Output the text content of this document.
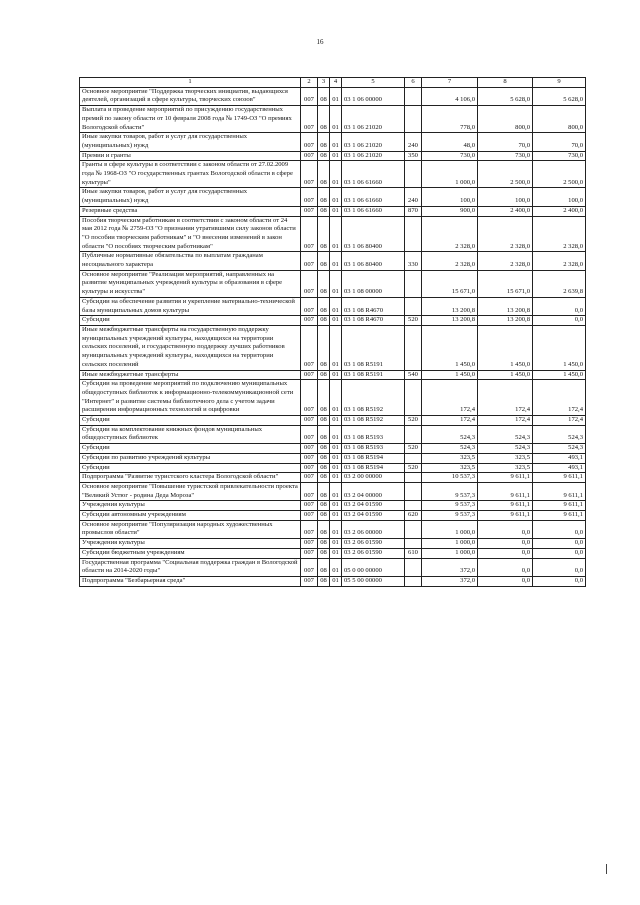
16
1	2	3	4	5	6	7	8	9
Основное мероприятие "Поддержка творческих инициатив, выдающихся деятелей, организаций в сфере культуры, творческих союзов"	007	08	01	03 1 06 00000		4 106,0	5 628,0	5 628,0
Выплата и проведение мероприятий по присуждению государственных премий по закону области от 10 февраля 2008 года № 1749-ОЗ "О премиях Вологодской области"	007	08	01	03 1 06 21020		778,0	800,0	800,0
Иные закупки товаров, работ и услуг для государственных (муниципальных) нужд	007	08	01	03 1 06 21020	240	48,0	70,0	70,0
Премии и гранты	007	08	01	03 1 06 21020	350	730,0	730,0	730,0
Гранты в сфере культуры в соответствии с законом области от 27.02.2009 года № 1968-ОЗ "О государственных грантах Вологодской области в сфере культуры"	007	08	01	03 1 06 61660		1 000,0	2 500,0	2 500,0
Иные закупки товаров, работ и услуг для государственных (муниципальных) нужд	007	08	01	03 1 06 61660	240	100,0	100,0	100,0
Резервные средства	007	08	01	03 1 06 61660	870	900,0	2 400,0	2 400,0
Пособия творческим работникам в соответствии с законом области от 24 мая 2012 года № 2759-ОЗ "О признании утратившими силу законов области "О пособии творческим работникам" и "О внесении изменений в закон области "О пособиях творческим работникам"	007	08	01	03 1 06 80400		2 328,0	2 328,0	2 328,0
Публичные нормативные обязательства по выплатам гражданам несоциального характера	007	08	01	03 1 06 80400	330	2 328,0	2 328,0	2 328,0
Основное мероприятие "Реализация мероприятий, направленных на развитие муниципальных учреждений культуры и образования в сфере культуры и искусства"	007	08	01	03 1 08 00000		15 671,0	15 671,0	2 639,8
Субсидии на обеспечение развития и укрепление материально-технической базы муниципальных домов культуры	007	08	01	03 1 08 R4670		13 200,8	13 200,8	0,0
Субсидии	007	08	01	03 1 08 R4670	520	13 200,8	13 200,8	0,0
Иные межбюджетные трансферты на государственную поддержку муниципальных учреждений культуры, находящихся на территории сельских поселений, и государственную поддержку лучших работников муниципальных учреждений культуры, находящихся на территории сельских поселений	007	08	01	03 1 08 R5191		1 450,0	1 450,0	1 450,0
Иные межбюджетные трансферты	007	08	01	03 1 08 R5191	540	1 450,0	1 450,0	1 450,0
Субсидии на проведение мероприятий по подключению муниципальных общедоступных библиотек к информационно-телекоммуникационной сети "Интернет" и развитие системы библиотечного дела с учетом задачи расширения информационных технологий и оцифровки	007	08	01	03 1 08 R5192		172,4	172,4	172,4
Субсидии	007	08	01	03 1 08 R5192	520	172,4	172,4	172,4
Субсидии на комплектование книжных фондов муниципальных общедоступных библиотек	007	08	01	03 1 08 R5193		524,3	524,3	524,3
Субсидии	007	08	01	03 1 08 R5193	520	524,3	524,3	524,3
Субсидии по развитию учреждений культуры	007	08	01	03 1 08 R5194		323,5	323,5	493,1
Субсидии	007	08	01	03 1 08 R5194	520	323,5	323,5	493,1
Подпрограмма "Развитие туристского кластера Вологодской области"	007	08	01	03 2 00 00000		10 537,3	9 611,1	9 611,1
Основное мероприятие "Повышение туристской привлекательности проекта "Великий Устюг - родина Деда Мороза"	007	08	01	03 2 04 00000		9 537,3	9 611,1	9 611,1
Учреждения культуры	007	08	01	03 2 04 01590		9 537,3	9 611,1	9 611,1
Субсидии автономным учреждениям	007	08	01	03 2 04 01590	620	9 537,3	9 611,1	9 611,1
Основное мероприятие "Популяризация народных художественных промыслов области"	007	08	01	03 2 06 00000		1 000,0	0,0	0,0
Учреждения культуры	007	08	01	03 2 06 01590		1 000,0	0,0	0,0
Субсидии бюджетным учреждениям	007	08	01	03 2 06 01590	610	1 000,0	0,0	0,0
Государственная программа "Социальная поддержка граждан в Вологодской области на 2014-2020 годы"	007	08	01	05 0 00 00000		372,0	0,0	0,0
Подпрограмма "Безбарьерная среда"	007	08	01	05 5 00 00000		372,0	0,0	0,0
